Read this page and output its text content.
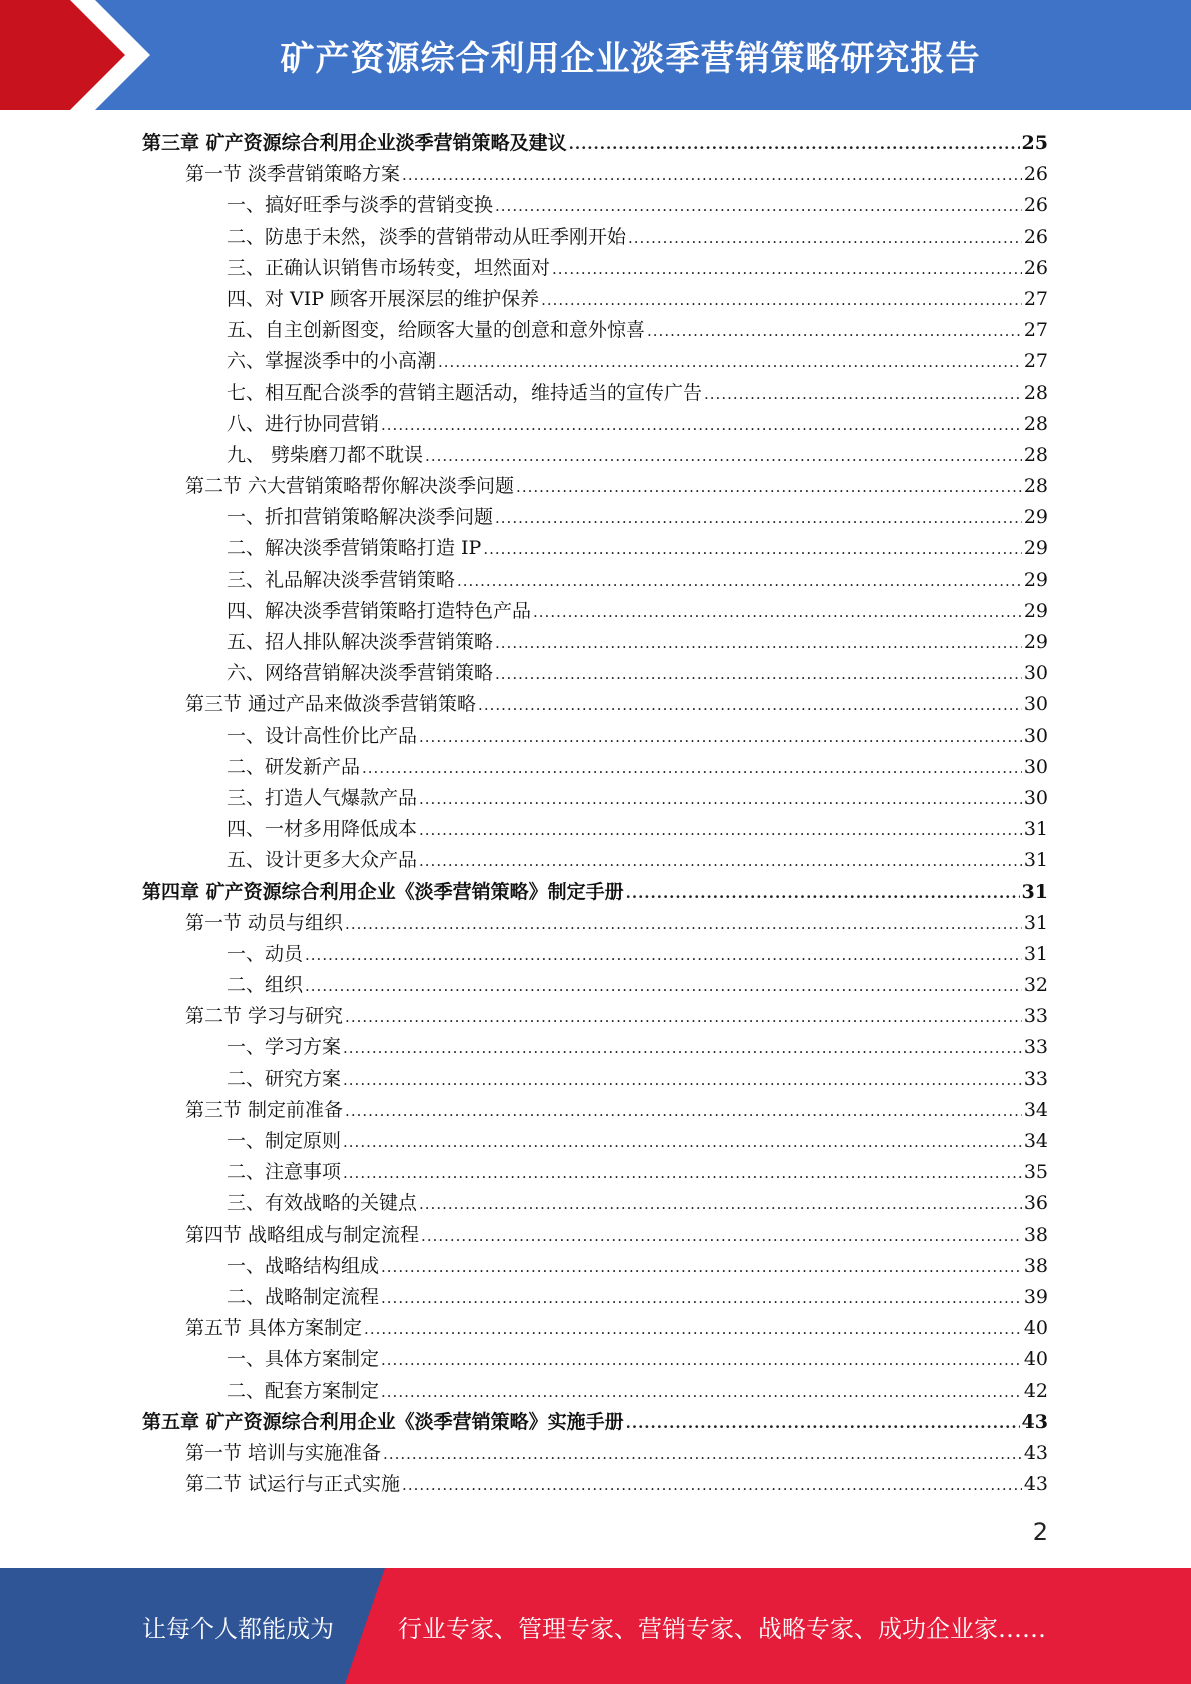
矿产资源综合利用企业淡季营销策略研究报告
第三章 矿产资源综合利用企业淡季营销策略及建议 .....	25
第一节 淡季营销策略方案 .....	26
一、搞好旺季与淡季的营销变换 .....	26
二、防患于未然，淡季的营销带动从旺季刚开始 .....	26
三、正确认识销售市场转变，坦然面对 .....	26
四、对 VIP 顾客开展深层的维护保养 .....	27
五、自主创新图变，给顾客大量的创意和意外惊喜 .....	27
六、掌握淡季中的小高潮 .....	27
七、相互配合淡季的营销主题活动，维持适当的宣传广告 .....	28
八、进行协同营销 .....	28
九、 劈柴磨刀都不耽误 .....	28
第二节 六大营销策略帮你解决淡季问题 .....	28
一、折扣营销策略解决淡季问题 .....	29
二、解决淡季营销策略打造 IP .....	29
三、礼品解决淡季营销策略 .....	29
四、解决淡季营销策略打造特色产品 .....	29
五、招人排队解决淡季营销策略 .....	29
六、网络营销解决淡季营销策略 .....	30
第三节 通过产品来做淡季营销策略 .....	30
一、设计高性价比产品 .....	30
二、研发新产品 .....	30
三、打造人气爆款产品 .....	30
四、一材多用降低成本 .....	31
五、设计更多大众产品 .....	31
第四章 矿产资源综合利用企业《淡季营销策略》制定手册 .....	31
第一节 动员与组织 .....	31
一、动员 .....	31
二、组织 .....	32
第二节 学习与研究 .....	33
一、学习方案 .....	33
二、研究方案 .....	33
第三节 制定前准备 .....	34
一、制定原则 .....	34
二、注意事项 .....	35
三、有效战略的关键点 .....	36
第四节 战略组成与制定流程 .....	38
一、战略结构组成 .....	38
二、战略制定流程 .....	39
第五节 具体方案制定 .....	40
一、具体方案制定 .....	40
二、配套方案制定 .....	42
第五章 矿产资源综合利用企业《淡季营销策略》实施手册 .....	43
第一节 培训与实施准备 .....	43
第二节 试运行与正式实施 .....	43
2
让每个人都能成为	行业专家、管理专家、营销专家、战略专家、成功企业家……
